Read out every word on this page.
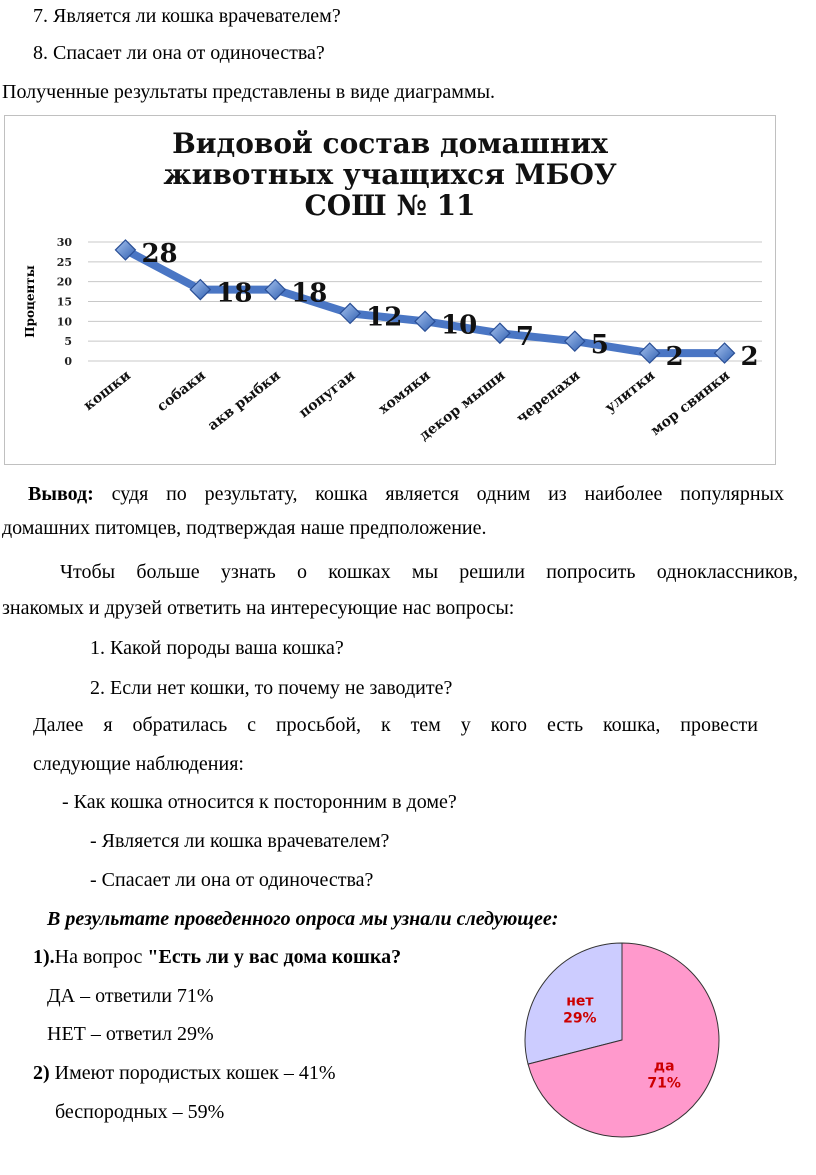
7. Является ли кошка врачевателем?
8. Спасает ли она от одиночества?
Полученные результаты представлены в виде диаграммы.
Видовой состав домашних
животных учащихся МБОУ
СОШ № 11
0
5
10
15
20
25
30
Проценты
кошки собаки
акв рыбки попугаи хомяки
декор мыши черепахи улитки
мор свинки
28
18 18
12 10 7 5 2 2
Вывод: судя по результату, кошка является одним из наиболее популярных
домашних питомцев, подтверждая наше предположение.
Чтобы больше узнать о кошках мы решили попросить одноклассников,
знакомых и друзей ответить на интересующие нас вопросы:
1. Какой породы ваша кошка?
2. Если нет кошки, то почему не заводите?
Далее я обратилась с просьбой, к тем у кого есть кошка, провести
следующие наблюдения:
- Как кошка относится к посторонним в доме?
- Является ли кошка врачевателем?
- Спасает ли она от одиночества?
В результате проведенного опроса мы узнали следующее:
1).На вопрос "Есть ли у вас дома кошка?
ДА – ответили 71%
НЕТ – ответил 29%
2) Имеют породистых кошек – 41%
беспородных – 59%
нет
29%
да
71%
